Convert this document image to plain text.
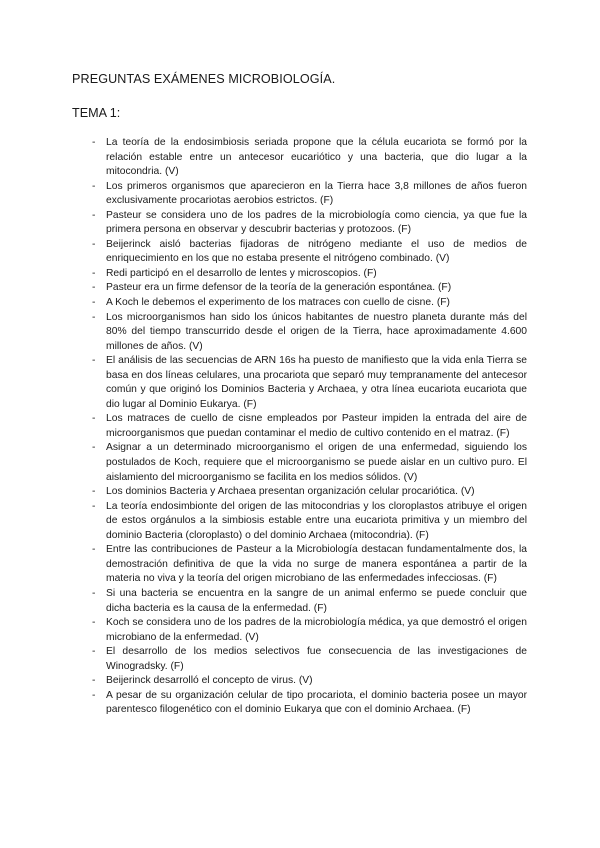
PREGUNTAS EXÁMENES MICROBIOLOGÍA.
TEMA 1:
- La teoría de la endosimbiosis seriada propone que la célula eucariota se formó por la relación estable entre un antecesor eucariótico y una bacteria, que dio lugar a la mitocondria. (V)
- Los primeros organismos que aparecieron en la Tierra hace 3,8 millones de años fueron exclusivamente procariotas aerobios estrictos. (F)
- Pasteur se considera uno de los padres de la microbiología como ciencia, ya que fue la primera persona en observar y descubrir bacterias y protozoos. (F)
- Beijerinck aisló bacterias fijadoras de nitrógeno mediante el uso de medios de enriquecimiento en los que no estaba presente el nitrógeno combinado. (V)
- Redi participó en el desarrollo de lentes y microscopios. (F)
- Pasteur era un firme defensor de la teoría de la generación espontánea. (F)
- A Koch le debemos el experimento de los matraces con cuello de cisne. (F)
- Los microorganismos han sido los únicos habitantes de nuestro planeta durante más del 80% del tiempo transcurrido desde el origen de la Tierra, hace aproximadamente 4.600 millones de años. (V)
- El análisis de las secuencias de ARN 16s ha puesto de manifiesto que la vida enla Tierra se basa en dos líneas celulares, una procariota que separó muy tempranamente del antecesor común y que originó los Dominios Bacteria y Archaea, y otra línea eucariota eucariota que dio lugar al Dominio Eukarya. (F)
- Los matraces de cuello de cisne empleados por Pasteur impiden la entrada del aire de microorganismos que puedan contaminar el medio de cultivo contenido en el matraz. (F)
- Asignar a un determinado microorganismo el origen de una enfermedad, siguiendo los postulados de Koch, requiere que el microorganismo se puede aislar en un cultivo puro. El aislamiento del microorganismo se facilita en los medios sólidos. (V)
- Los dominios Bacteria y Archaea presentan organización celular procariótica. (V)
- La teoría endosimbionte del origen de las mitocondrias y los cloroplastos atribuye el origen de estos orgánulos a la simbiosis estable entre una eucariota primitiva y un miembro del dominio Bacteria (cloroplasto) o del dominio Archaea (mitocondria). (F)
- Entre las contribuciones de Pasteur a la Microbiología destacan fundamentalmente dos, la demostración definitiva de que la vida no surge de manera espontánea a partir de la materia no viva y la teoría del origen microbiano de las enfermedades infecciosas. (F)
- Si una bacteria se encuentra en la sangre de un animal enfermo se puede concluir que dicha bacteria es la causa de la enfermedad. (F)
- Koch se considera uno de los padres de la microbiología médica, ya que demostró el origen microbiano de la enfermedad. (V)
- El desarrollo de los medios selectivos fue consecuencia de las investigaciones de Winogradsky. (F)
- Beijerinck desarrolló el concepto de virus. (V)
- A pesar de su organización celular de tipo procariota, el dominio bacteria posee un mayor parentesco filogenético con el dominio Eukarya que con el dominio Archaea. (F)
